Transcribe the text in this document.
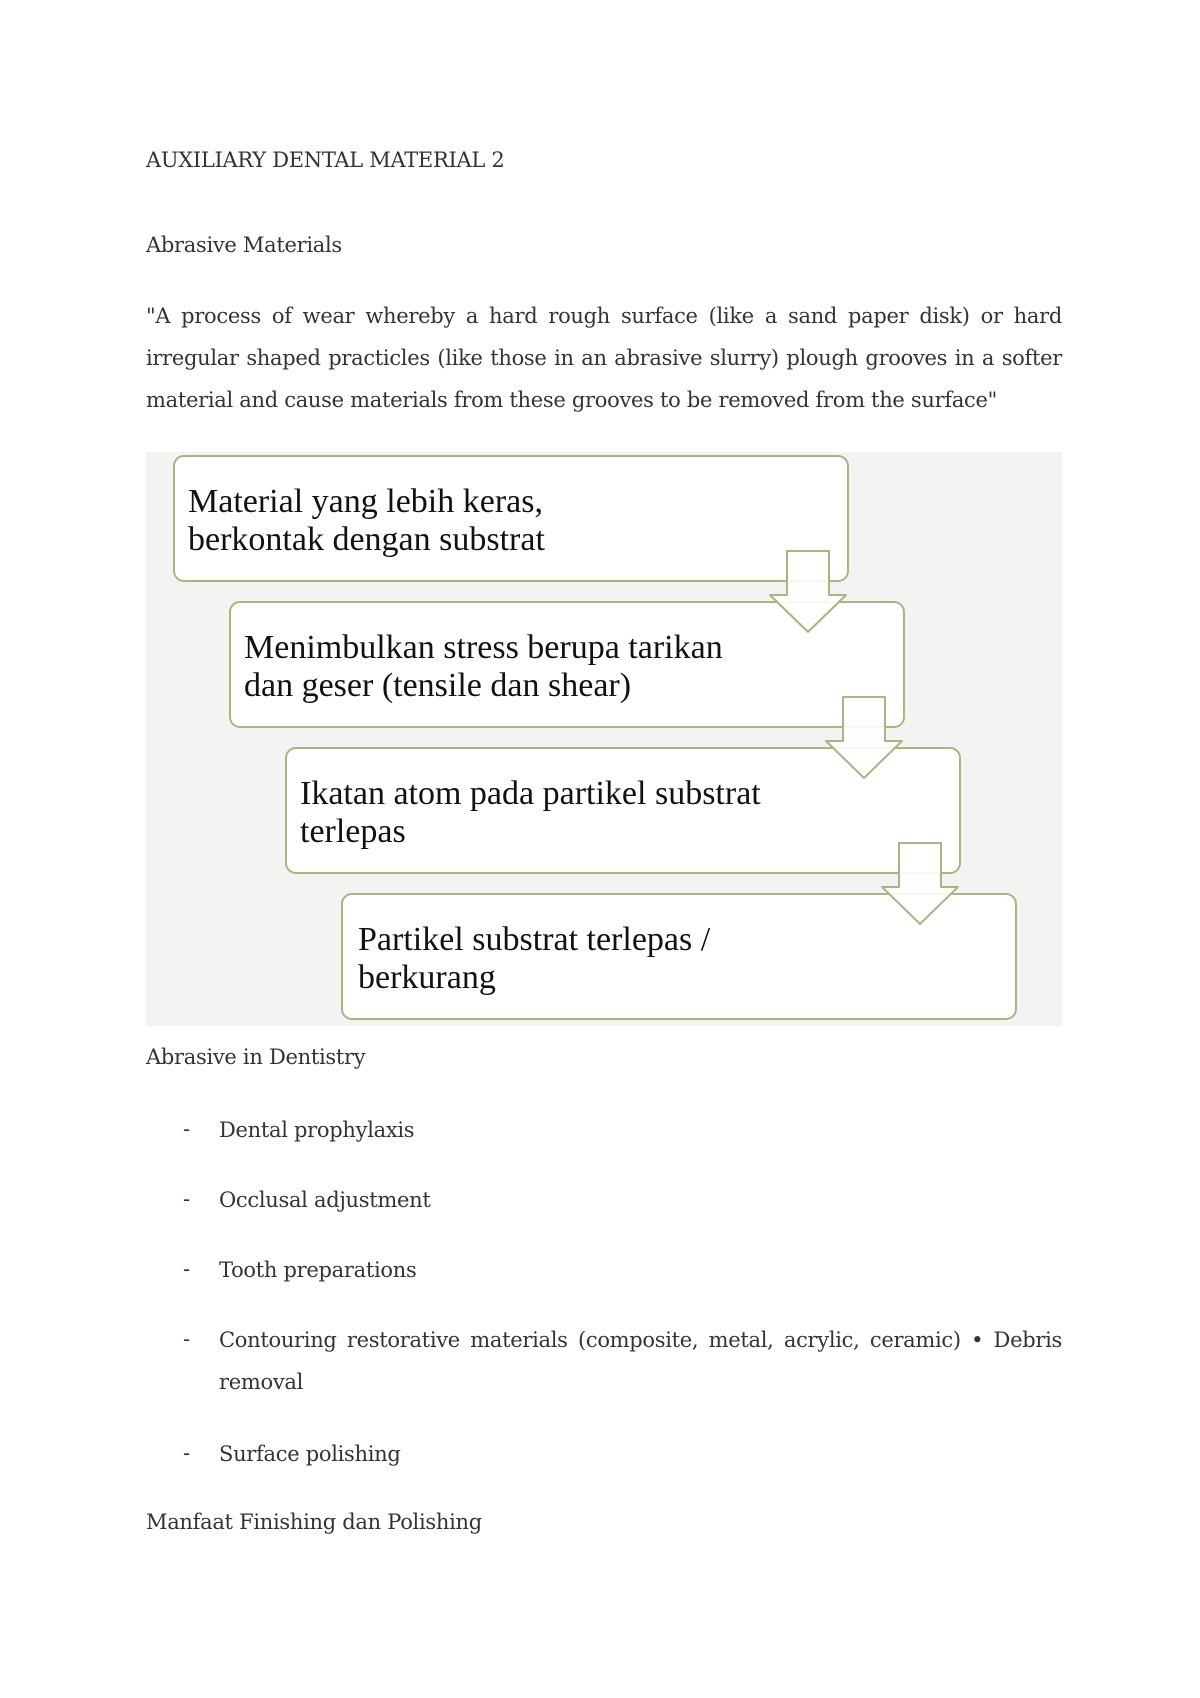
AUXILIARY DENTAL MATERIAL 2
Abrasive Materials
"A process of wear whereby a hard rough surface (like a sand paper disk) or hard irregular shaped practicles (like those in an abrasive slurry) plough grooves in a softer material and cause materials from these grooves to be removed from the surface"
Material yang lebih keras,
berkontak dengan substrat
Menimbulkan stress berupa tarikan
dan geser (tensile dan shear)
Ikatan atom pada partikel substrat
terlepas
Partikel substrat terlepas /
berkurang
Abrasive in Dentistry
- Dental prophylaxis
- Occlusal adjustment
- Tooth preparations
- Contouring restorative materials (composite, metal, acrylic, ceramic) • Debris removal
- Surface polishing
Manfaat Finishing dan Polishing
